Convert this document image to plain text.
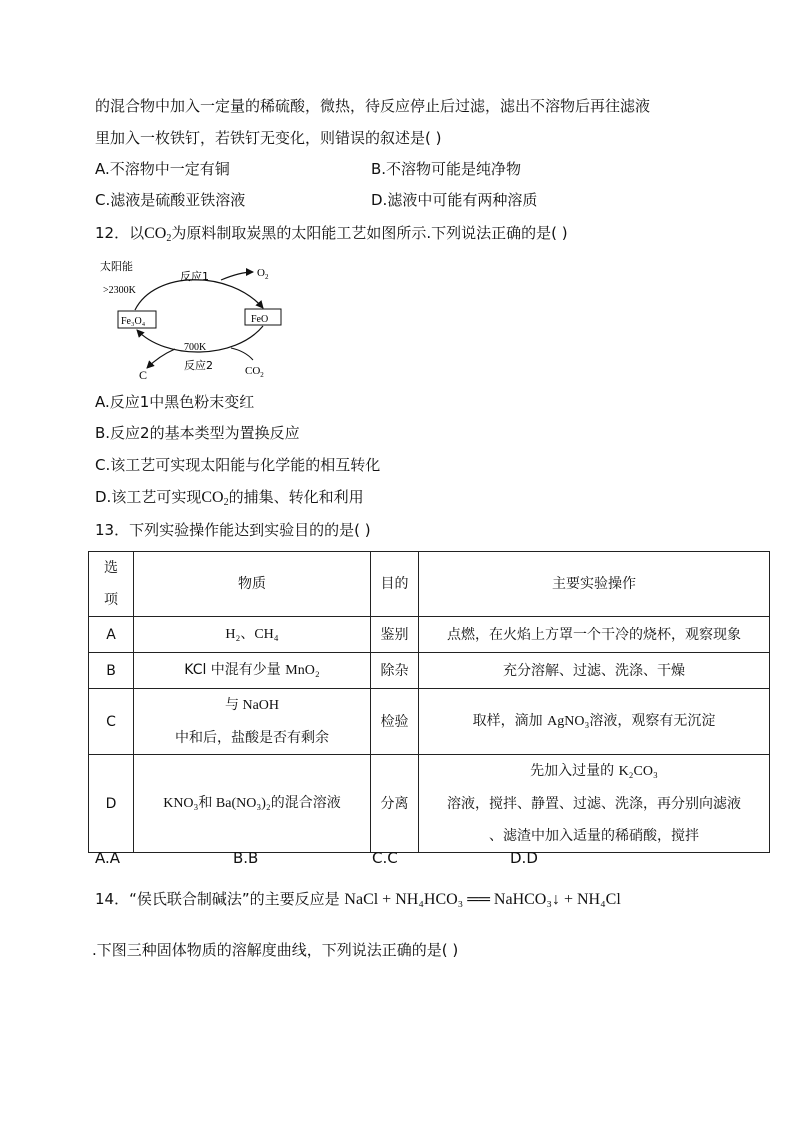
的混合物中加入一定量的稀硫酸，微热，待反应停止后过滤，滤出不溶物后再往滤液
里加入一枚铁钉，若铁钉无变化，则错误的叙述是( )
A.不溶物中一定有铜	B.不溶物可能是纯净物
C.滤液是硫酸亚铁溶液	D.滤液中可能有两种溶质
12．以$CO_2$为原料制取炭黑的太阳能工艺如图所示.下列说法正确的是( )
太阳能
>2300K
反应1	$O_2$
Fe₃O₄	FeO
700K
反应2
C	$CO_2$
A.反应1中黑色粉末变红
B.反应2的基本类型为置换反应
C.该工艺可实现太阳能与化学能的相互转化
D.该工艺可实现$CO_2$的捕集、转化和利用
13．下列实验操作能达到实验目的的是( )
选
项	物质	目的	主要实验操作
A	H₂、CH₄	鉴别	点燃，在火焰上方罩一个干冷的烧杯，观察现象
B	KCl 中混有少量 MnO₂	除杂	充分溶解、过滤、洗涤、干燥
C	与 NaOH
中和后，盐酸是否有剩余	检验	取样，滴加 AgNO₃溶液，观察有无沉淀
D	KNO₃和 Ba(NO₃)₂的混合溶液	分离	先加入过量的 K₂CO₃
溶液，搅拌、静置、过滤、洗涤，再分别向滤液
、滤渣中加入适量的稀硝酸，搅拌
A.A	B.B	C.C	D.D
14．“侯氏联合制碱法”的主要反应是 NaCl + NH₄HCO₃ ══ NaHCO₃↓ + NH₄Cl
.下图三种固体物质的溶解度曲线，下列说法正确的是( )
